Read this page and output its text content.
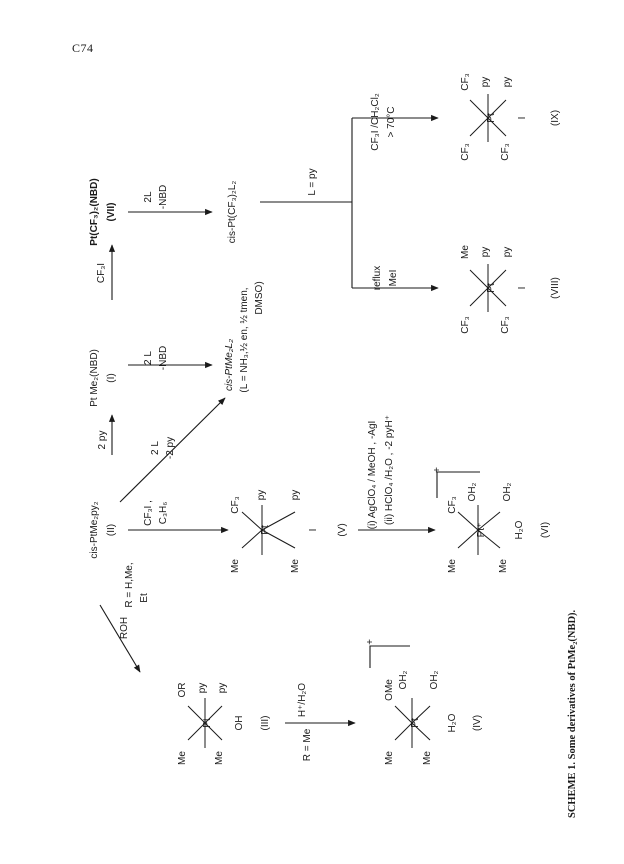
C74
Pt Me₂(NBD) (I)
Pt(CF₃)₂(NBD) (VII)
cis-PtMe₂py₂ (II)
cis-PtMe₂L₂ (L = NH₃,½ en, ½ tmen, DMSO)
cis-Pt(CF₃)₂L₂
2 py
2 L -NBD
CF₃I
2L -NBD
2 L -2 py
CF₃I , C₃H₆
ROH
R = H,Me, Et
R = Me
H⁺/H₂O
(i) AgClO₄ / MeOH , -AgI (ii) HClO₄ /H₂O , -2 pyH⁺
L = py
reflux MeI
CF₃I /CH₂Cl₂ > 70°C
Me
CF₃
Pt
Me
py py
I (V)
+
Me
CF₃
Pt⁺
Me
OH₂ OH₂
H₂O (VI)
OR
Me
Pt
Me
py py
OH (III)
+
OMe
Me
Pt
Me
OH₂ OH₂
H₂O (IV)
Me
CF₃
Pt
CF₃
py py
I (VIII)
CF₃
CF₃
Pt
CF₃
py py
I (IX)
SCHEME 1. Some derivatives of PtMe₂(NBD).
